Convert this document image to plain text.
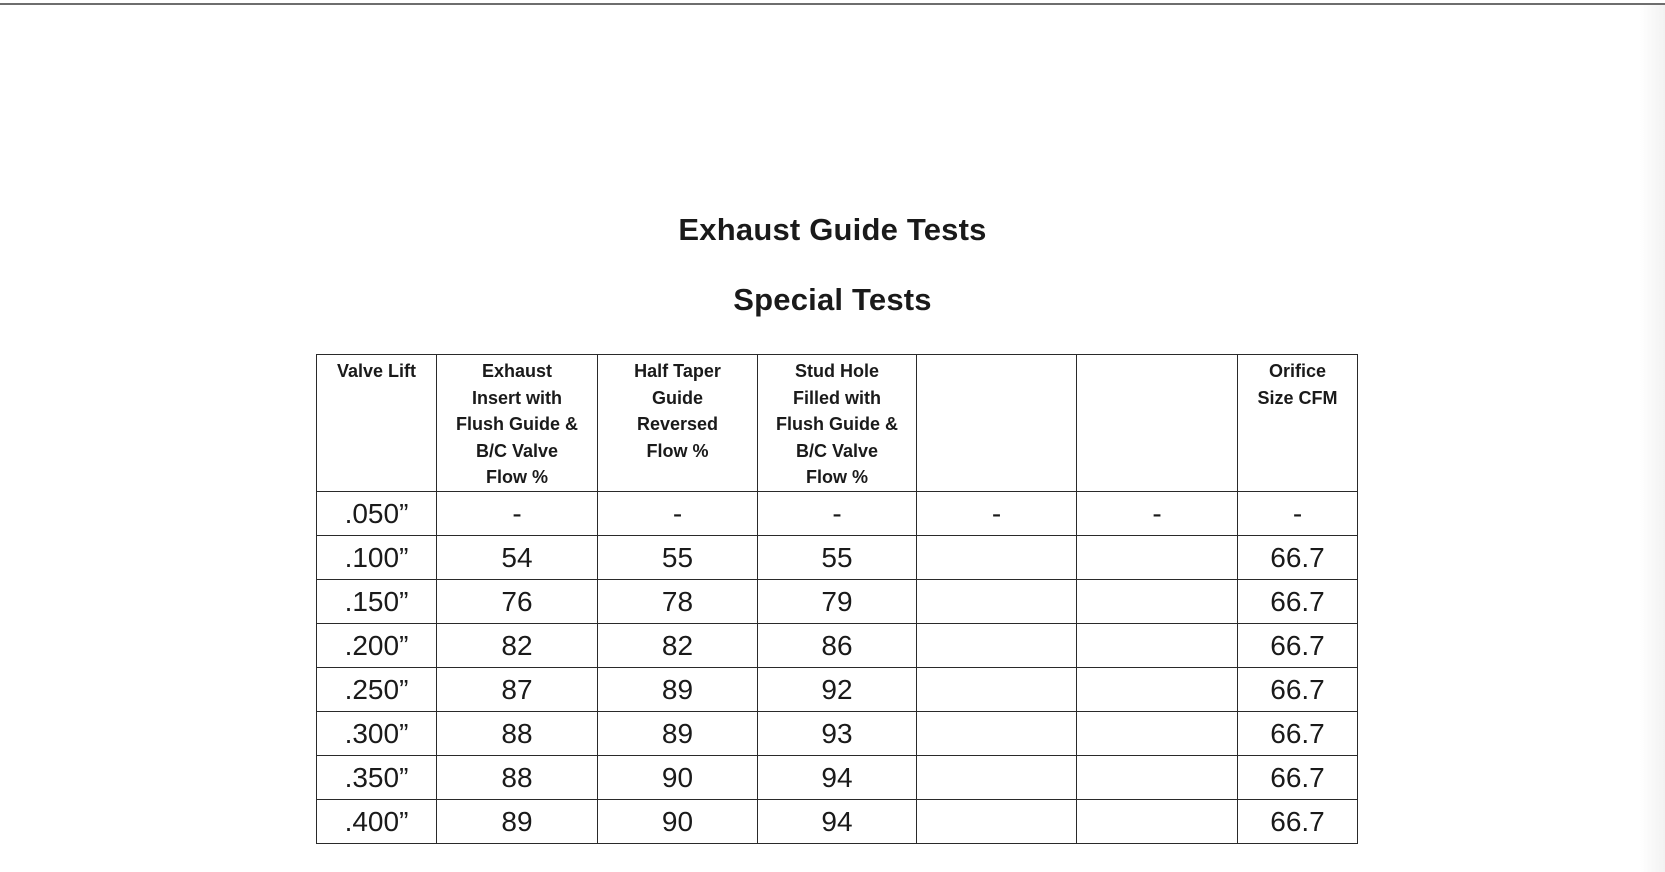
Exhaust Guide Tests
Special Tests
Valve Lift	Exhaust
Insert with
Flush Guide &
B/C Valve
Flow %	Half Taper
Guide
Reversed
Flow %	Stud Hole
Filled with
Flush Guide &
B/C Valve
Flow %			Orifice
Size CFM
.050”	-	-	-	-	-	-
.100”	54	55	55			66.7
.150”	76	78	79			66.7
.200”	82	82	86			66.7
.250”	87	89	92			66.7
.300”	88	89	93			66.7
.350”	88	90	94			66.7
.400”	89	90	94			66.7
